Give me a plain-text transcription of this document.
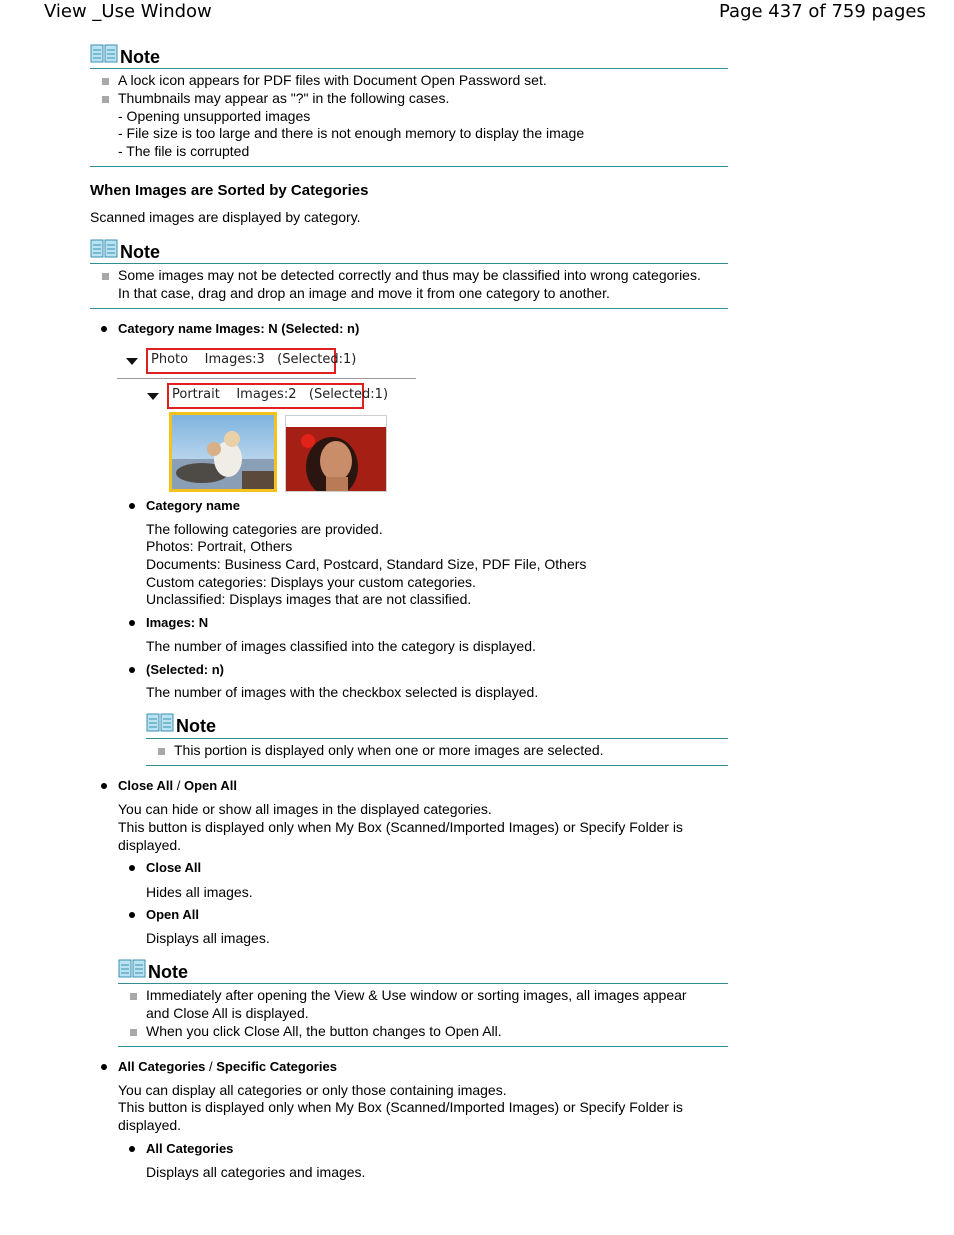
View _Use Window	Page 437 of 759 pages
Note
A lock icon appears for PDF files with Document Open Password set.
Thumbnails may appear as "?" in the following cases.
- Opening unsupported images
- File size is too large and there is not enough memory to display the image
- The file is corrupted
When Images are Sorted by Categories
Scanned images are displayed by category.
Note
Some images may not be detected correctly and thus may be classified into wrong categories.
In that case, drag and drop an image and move it from one category to another.
Category name Images: N (Selected: n)
Photo Images:3 (Selected:1)
Portrait Images:2 (Selected:1)
Category name
The following categories are provided.
Photos: Portrait, Others
Documents: Business Card, Postcard, Standard Size, PDF File, Others
Custom categories: Displays your custom categories.
Unclassified: Displays images that are not classified.
Images: N
The number of images classified into the category is displayed.
(Selected: n)
The number of images with the checkbox selected is displayed.
Note
This portion is displayed only when one or more images are selected.
Close All / Open All
You can hide or show all images in the displayed categories.
This button is displayed only when My Box (Scanned/Imported Images) or Specify Folder is
displayed.
Close All
Hides all images.
Open All
Displays all images.
Note
Immediately after opening the View & Use window or sorting images, all images appear
and Close All is displayed.
When you click Close All, the button changes to Open All.
All Categories / Specific Categories
You can display all categories or only those containing images.
This button is displayed only when My Box (Scanned/Imported Images) or Specify Folder is
displayed.
All Categories
Displays all categories and images.
